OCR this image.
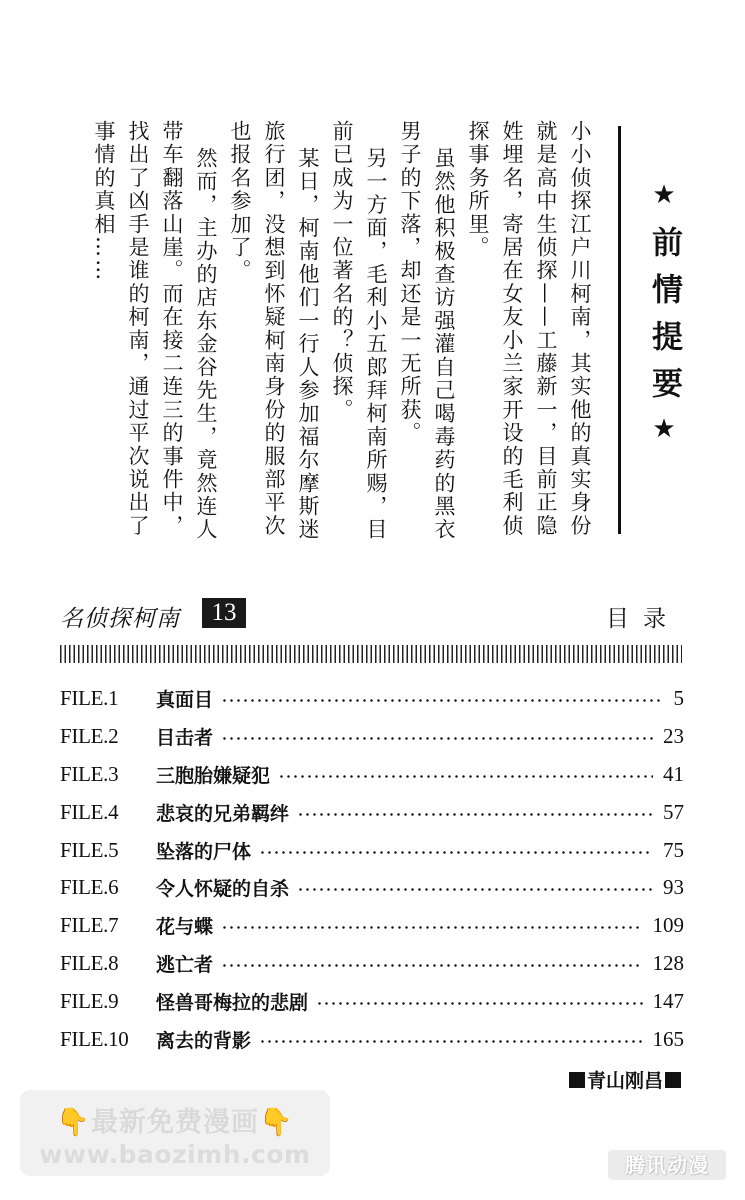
小小侦探江户川柯南，其实他的真实身份就是高中生侦探——工藤新一，目前正隐姓埋名，寄居在女友小兰家开设的毛利侦探事务所里。

虽然他积极查访强灌自己喝毒药的黑衣男子的下落，却还是一无所获。

另一方面，毛利小五郎拜柯南所赐，目前已成为一位著名的？侦探。

某日，柯南他们一行人参加福尔摩斯迷旅行团，没想到怀疑柯南身份的服部平次也报名参加了。

然而，主办的店东金谷先生，竟然连人带车翻落山崖。而在接二连三的事件中，找出了凶手是谁的柯南，通过平次说出了事情的真相……	★前情提要★
名侦探柯南	13	目录
FILE.1	真面目	5
FILE.2	目击者	23
FILE.3	三胞胎嫌疑犯	41
FILE.4	悲哀的兄弟羁绊	57
FILE.5	坠落的尸体	75
FILE.6	令人怀疑的自杀	93
FILE.7	花与蝶	109
FILE.8	逃亡者	128
FILE.9	怪兽哥梅拉的悲剧	147
FILE.10	离去的背影	165
青山刚昌
👇最新免费漫画👇
www.baozimh.com	腾讯动漫
